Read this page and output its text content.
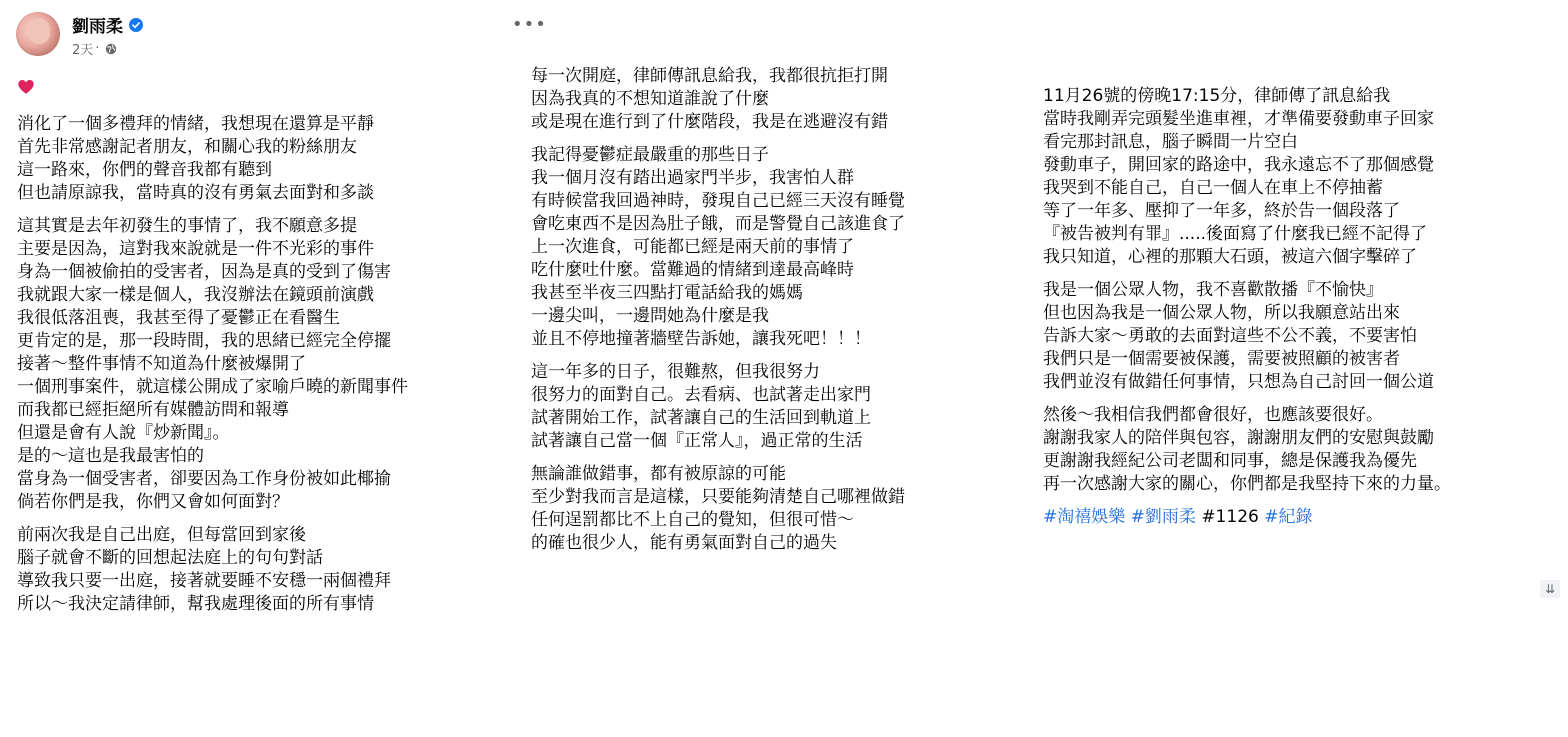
劉雨柔
2天 ·
•••
消化了一個多禮拜的情緒，我想現在還算是平靜
首先非常感謝記者朋友，和關心我的粉絲朋友
這一路來，你們的聲音我都有聽到
但也請原諒我，當時真的沒有勇氣去面對和多談
這其實是去年初發生的事情了，我不願意多提
主要是因為，這對我來說就是一件不光彩的事件
身為一個被偷拍的受害者，因為是真的受到了傷害
我就跟大家一樣是個人，我沒辦法在鏡頭前演戲
我很低落沮喪，我甚至得了憂鬱正在看醫生
更肯定的是，那一段時間，我的思緒已經完全停擺
接著～整件事情不知道為什麼被爆開了
一個刑事案件，就這樣公開成了家喻戶曉的新聞事件
而我都已經拒絕所有媒體訪問和報導
但還是會有人說『炒新聞』。
是的～這也是我最害怕的
當身為一個受害者，卻要因為工作身份被如此椰揄
倘若你們是我，你們又會如何面對？
前兩次我是自己出庭，但每當回到家後
腦子就會不斷的回想起法庭上的句句對話
導致我只要一出庭，接著就要睡不安穩一兩個禮拜
所以～我決定請律師，幫我處理後面的所有事情
每一次開庭，律師傳訊息給我，我都很抗拒打開
因為我真的不想知道誰說了什麼
或是現在進行到了什麼階段，我是在逃避沒有錯
我記得憂鬱症最嚴重的那些日子
我一個月沒有踏出過家門半步，我害怕人群
有時候當我回過神時，發現自己已經三天沒有睡覺
會吃東西不是因為肚子餓，而是警覺自己該進食了
上一次進食，可能都已經是兩天前的事情了
吃什麼吐什麼。當難過的情緒到達最高峰時
我甚至半夜三四點打電話給我的媽媽
一邊尖叫，一邊問她為什麼是我
並且不停地撞著牆壁告訴她，讓我死吧！！！
這一年多的日子，很難熬，但我很努力
很努力的面對自己。去看病、也試著走出家門
試著開始工作，試著讓自己的生活回到軌道上
試著讓自己當一個『正常人』，過正常的生活
無論誰做錯事，都有被原諒的可能
至少對我而言是這樣，只要能夠清楚自己哪裡做錯
任何逞罰都比不上自己的覺知，但很可惜～
的確也很少人，能有勇氣面對自己的過失

11月26號的傍晚17:15分，律師傳了訊息給我
當時我剛弄完頭髮坐進車裡，才準備要發動車子回家
看完那封訊息，腦子瞬間一片空白
發動車子，開回家的路途中，我永遠忘不了那個感覺
我哭到不能自己，自己一個人在車上不停抽蓄
等了一年多、壓抑了一年多，終於告一個段落了
『被告被判有罪』.....後面寫了什麼我已經不記得了
我只知道，心裡的那顆大石頭，被這六個字擊碎了
我是一個公眾人物，我不喜歡散播『不愉快』
但也因為我是一個公眾人物，所以我願意站出來
告訴大家～勇敢的去面對這些不公不義，不要害怕
我們只是一個需要被保護，需要被照顧的被害者
我們並沒有做錯任何事情，只想為自己討回一個公道
然後～我相信我們都會很好，也應該要很好。
謝謝我家人的陪伴與包容，謝謝朋友們的安慰與鼓勵
更謝謝我經紀公司老闆和同事，總是保護我為優先
再一次感謝大家的關心，你們都是我堅持下來的力量。
#淘禧娛樂 #劉雨柔 #1126 #紀錄
⇊
